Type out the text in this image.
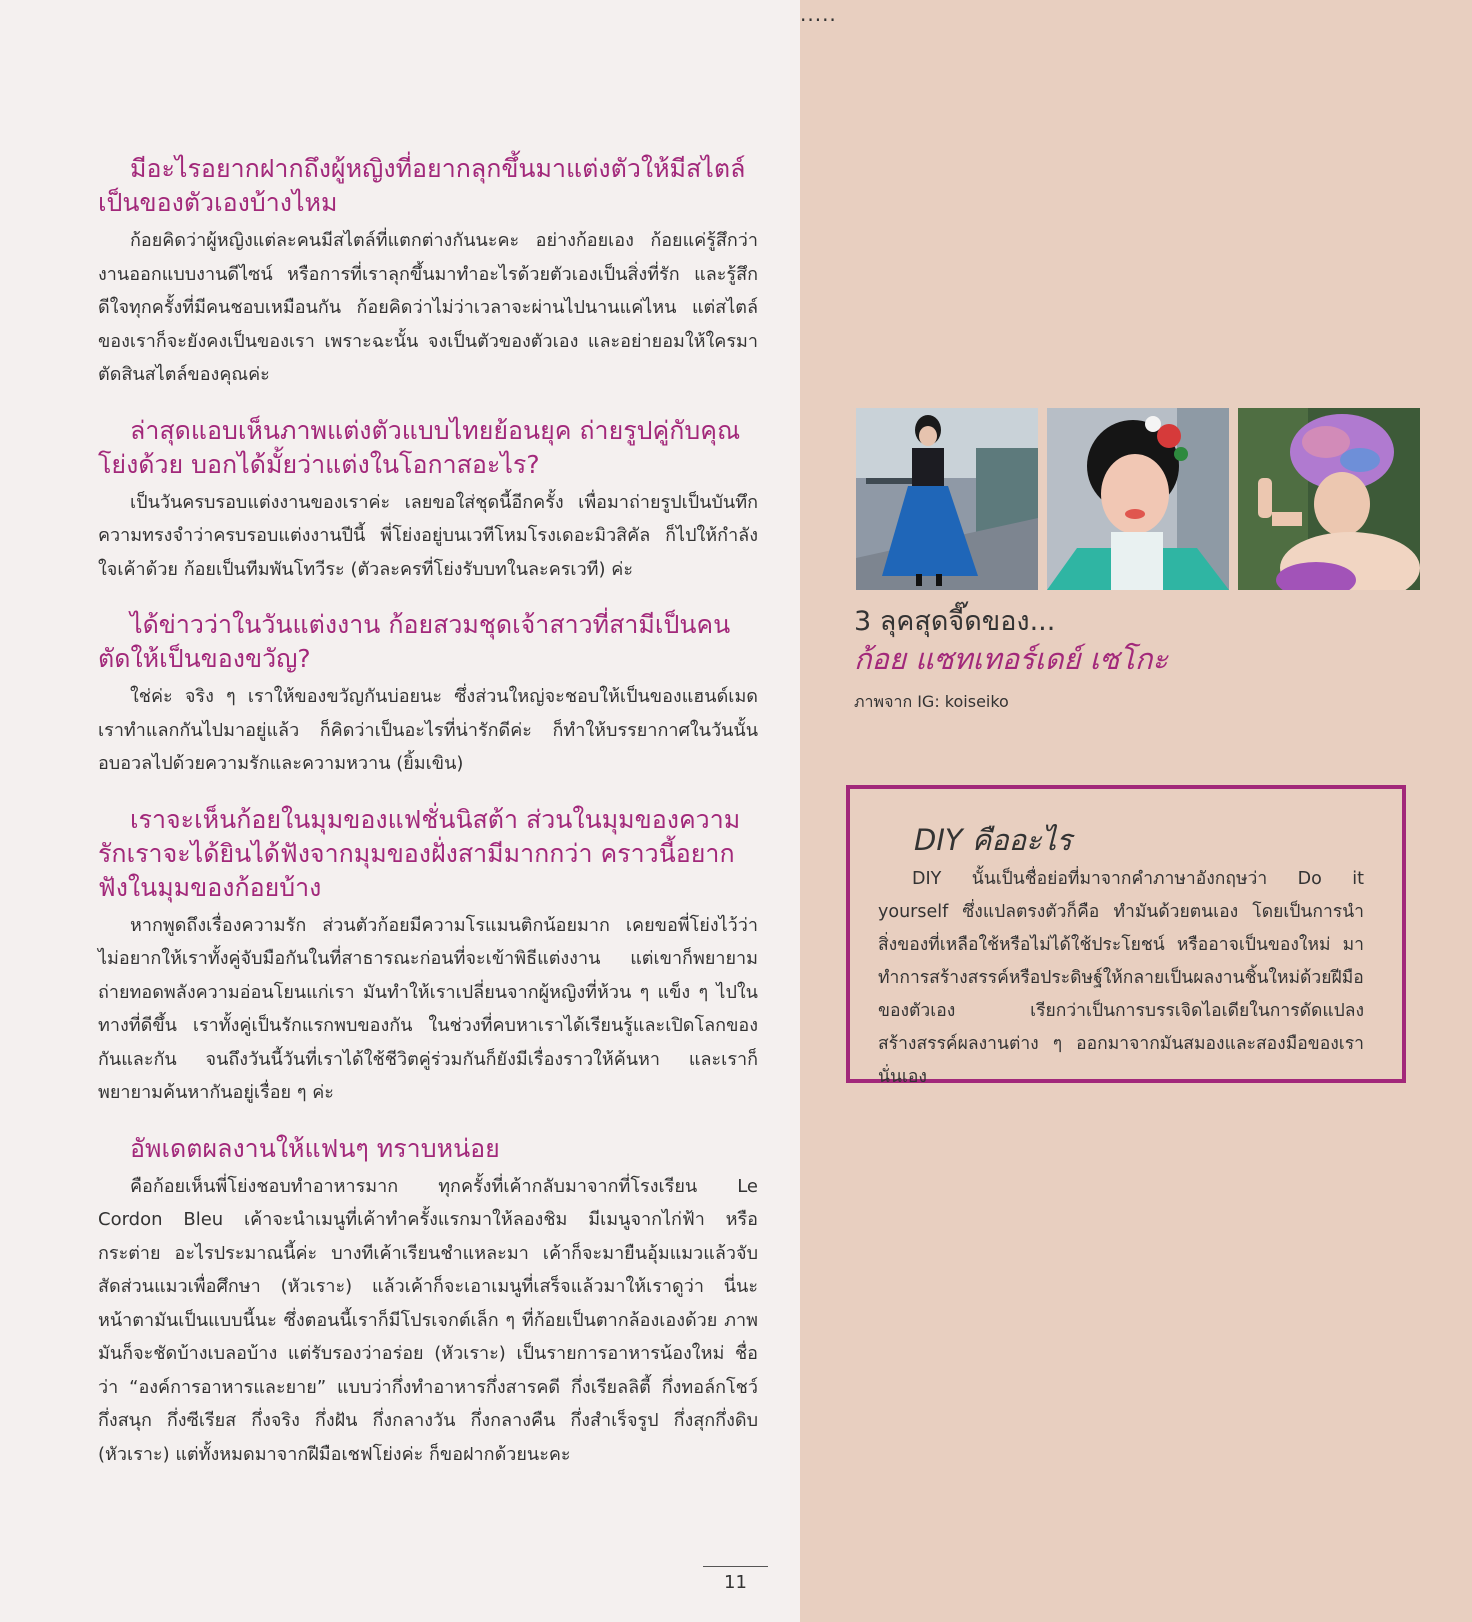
มีอะไรอยากฝากถึงผู้หญิงที่อยากลุกขึ้นมาแต่งตัวให้มีสไตล์เป็นของตัวเองบ้างไหม

ก้อยคิดว่าผู้หญิงแต่ละคนมีสไตล์ที่แตกต่างกันนะคะ อย่างก้อยเอง ก้อยแค่รู้สึกว่างานออกแบบงานดีไซน์ หรือการที่เราลุกขึ้นมาทำอะไรด้วยตัวเองเป็นสิ่งที่รัก และรู้สึกดีใจทุกครั้งที่มีคนชอบเหมือนกัน ก้อยคิดว่าไม่ว่าเวลาจะผ่านไปนานแค่ไหน แต่สไตล์ของเราก็จะยังคงเป็นของเรา เพราะฉะนั้น จงเป็นตัวของตัวเอง และอย่ายอมให้ใครมาตัดสินสไตล์ของคุณค่ะ

ล่าสุดแอบเห็นภาพแต่งตัวแบบไทยย้อนยุค ถ่ายรูปคู่กับคุณโย่งด้วย บอกได้มั้ยว่าแต่งในโอกาสอะไร?

เป็นวันครบรอบแต่งงานของเราค่ะ เลยขอใส่ชุดนี้อีกครั้ง เพื่อมาถ่ายรูปเป็นบันทึกความทรงจำว่าครบรอบแต่งงานปีนี้ พี่โย่งอยู่บนเวทีโหมโรงเดอะมิวสิคัล ก็ไปให้กำลังใจเค้าด้วย ก้อยเป็นทีมพันโทวีระ (ตัวละครที่โย่งรับบทในละครเวที) ค่ะ

ได้ข่าวว่าในวันแต่งงาน ก้อยสวมชุดเจ้าสาวที่สามีเป็นคนตัดให้เป็นของขวัญ?

ใช่ค่ะ จริง ๆ เราให้ของขวัญกันบ่อยนะ ซึ่งส่วนใหญ่จะชอบให้เป็นของแฮนด์เมด เราทำแลกกันไปมาอยู่แล้ว ก็คิดว่าเป็นอะไรที่น่ารักดีค่ะ ก็ทำให้บรรยากาศในวันนั้นอบอวลไปด้วยความรักและความหวาน (ยิ้มเขิน)

เราจะเห็นก้อยในมุมของแฟชั่นนิสต้า ส่วนในมุมของความรักเราจะได้ยินได้ฟังจากมุมของฝั่งสามีมากกว่า คราวนี้อยากฟังในมุมของก้อยบ้าง

หากพูดถึงเรื่องความรัก ส่วนตัวก้อยมีความโรแมนติกน้อยมาก เคยขอพี่โย่งไว้ว่าไม่อยากให้เราทั้งคู่จับมือกันในที่สาธารณะก่อนที่จะเข้าพิธีแต่งงาน แต่เขาก็พยายามถ่ายทอดพลังความอ่อนโยนแก่เรา มันทำให้เราเปลี่ยนจากผู้หญิงที่ห้วน ๆ แข็ง ๆ ไปในทางที่ดีขึ้น เราทั้งคู่เป็นรักแรกพบของกัน ในช่วงที่คบหาเราได้เรียนรู้และเปิดโลกของกันและกัน จนถึงวันนี้วันที่เราได้ใช้ชีวิตคู่ร่วมกันก็ยังมีเรื่องราวให้ค้นหา และเราก็พยายามค้นหากันอยู่เรื่อย ๆ ค่ะ

อัพเดตผลงานให้แฟนๆ ทราบหน่อย

คือก้อยเห็นพี่โย่งชอบทำอาหารมาก ทุกครั้งที่เค้ากลับมาจากที่โรงเรียน Le Cordon Bleu เค้าจะนำเมนูที่เค้าทำครั้งแรกมาให้ลองชิม มีเมนูจากไก่ฟ้า หรือกระต่าย อะไรประมาณนี้ค่ะ บางทีเค้าเรียนชำแหละมา เค้าก็จะมายืนอุ้มแมวแล้วจับสัดส่วนแมวเพื่อศึกษา (หัวเราะ) แล้วเค้าก็จะเอาเมนูที่เสร็จแล้วมาให้เราดูว่า นี่นะหน้าตามันเป็นแบบนี้นะ ซึ่งตอนนี้เราก็มีโปรเจกต์เล็ก ๆ ที่ก้อยเป็นตากล้องเองด้วย ภาพมันก็จะชัดบ้างเบลอบ้าง แต่รับรองว่าอร่อย (หัวเราะ) เป็นรายการอาหารน้องใหม่ ชื่อว่า “องค์การอาหารและยาย” แบบว่ากึ่งทำอาหารกึ่งสารคดี กึ่งเรียลลิตี้ กึ่งทอล์กโชว์ กึ่งสนุก กึ่งซีเรียส กึ่งจริง กึ่งฝัน กึ่งกลางวัน กึ่งกลางคืน กึ่งสำเร็จรูป กึ่งสุกกึ่งดิบ (หัวเราะ) แต่ทั้งหมดมาจากฝีมือเชฟโย่งค่ะ ก็ขอฝากด้วยนะคะ

11
.....

3 ลุคสุดจี๊ดของ...

ก้อย แซทเทอร์เดย์ เซโกะ

ภาพจาก IG: koiseiko

DIY คืออะไร

DIY นั้นเป็นชื่อย่อที่มาจากคำภาษาอังกฤษว่า Do it yourself ซึ่งแปลตรงตัวก็คือ ทำมันด้วยตนเอง โดยเป็นการนำสิ่งของที่เหลือใช้หรือไม่ได้ใช้ประโยชน์ หรืออาจเป็นของใหม่ มาทำการสร้างสรรค์หรือประดิษฐ์ให้กลายเป็นผลงานชิ้นใหม่ด้วยฝีมือของตัวเอง เรียกว่าเป็นการบรรเจิดไอเดียในการดัดแปลงสร้างสรรค์ผลงานต่าง ๆ ออกมาจากมันสมองและสองมือของเรานั่นเอง
